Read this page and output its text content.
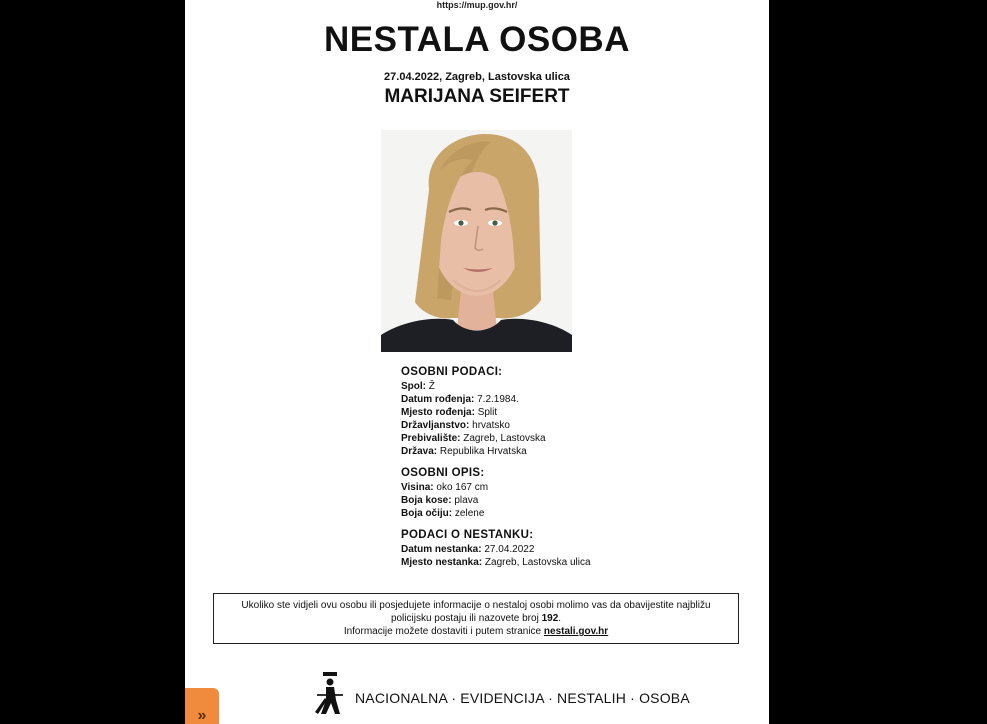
https://mup.gov.hr/
NESTALA OSOBA
27.04.2022, Zagreb, Lastovska ulica
MARIJANA SEIFERT
OSOBNI PODACI:
Spol: Ž
Datum rođenja: 7.2.1984.
Mjesto rođenja: Split
Državljanstvo: hrvatsko
Prebivalište: Zagreb, Lastovska
Država: Republika Hrvatska
OSOBNI OPIS:
Visina: oko 167 cm
Boja kose: plava
Boja očiju: zelene
PODACI O NESTANKU:
Datum nestanka: 27.04.2022
Mjesto nestanka: Zagreb, Lastovska ulica
Ukoliko ste vidjeli ovu osobu ili posjedujete informacije o nestaloj osobi molimo vas da obavijestite najbližu
policijsku postaju ili nazovete broj 192.
Informacije možete dostaviti i putem stranice nestali.gov.hr
NACIONALNA · EVIDENCIJA · NESTALIH · OSOBA
»
